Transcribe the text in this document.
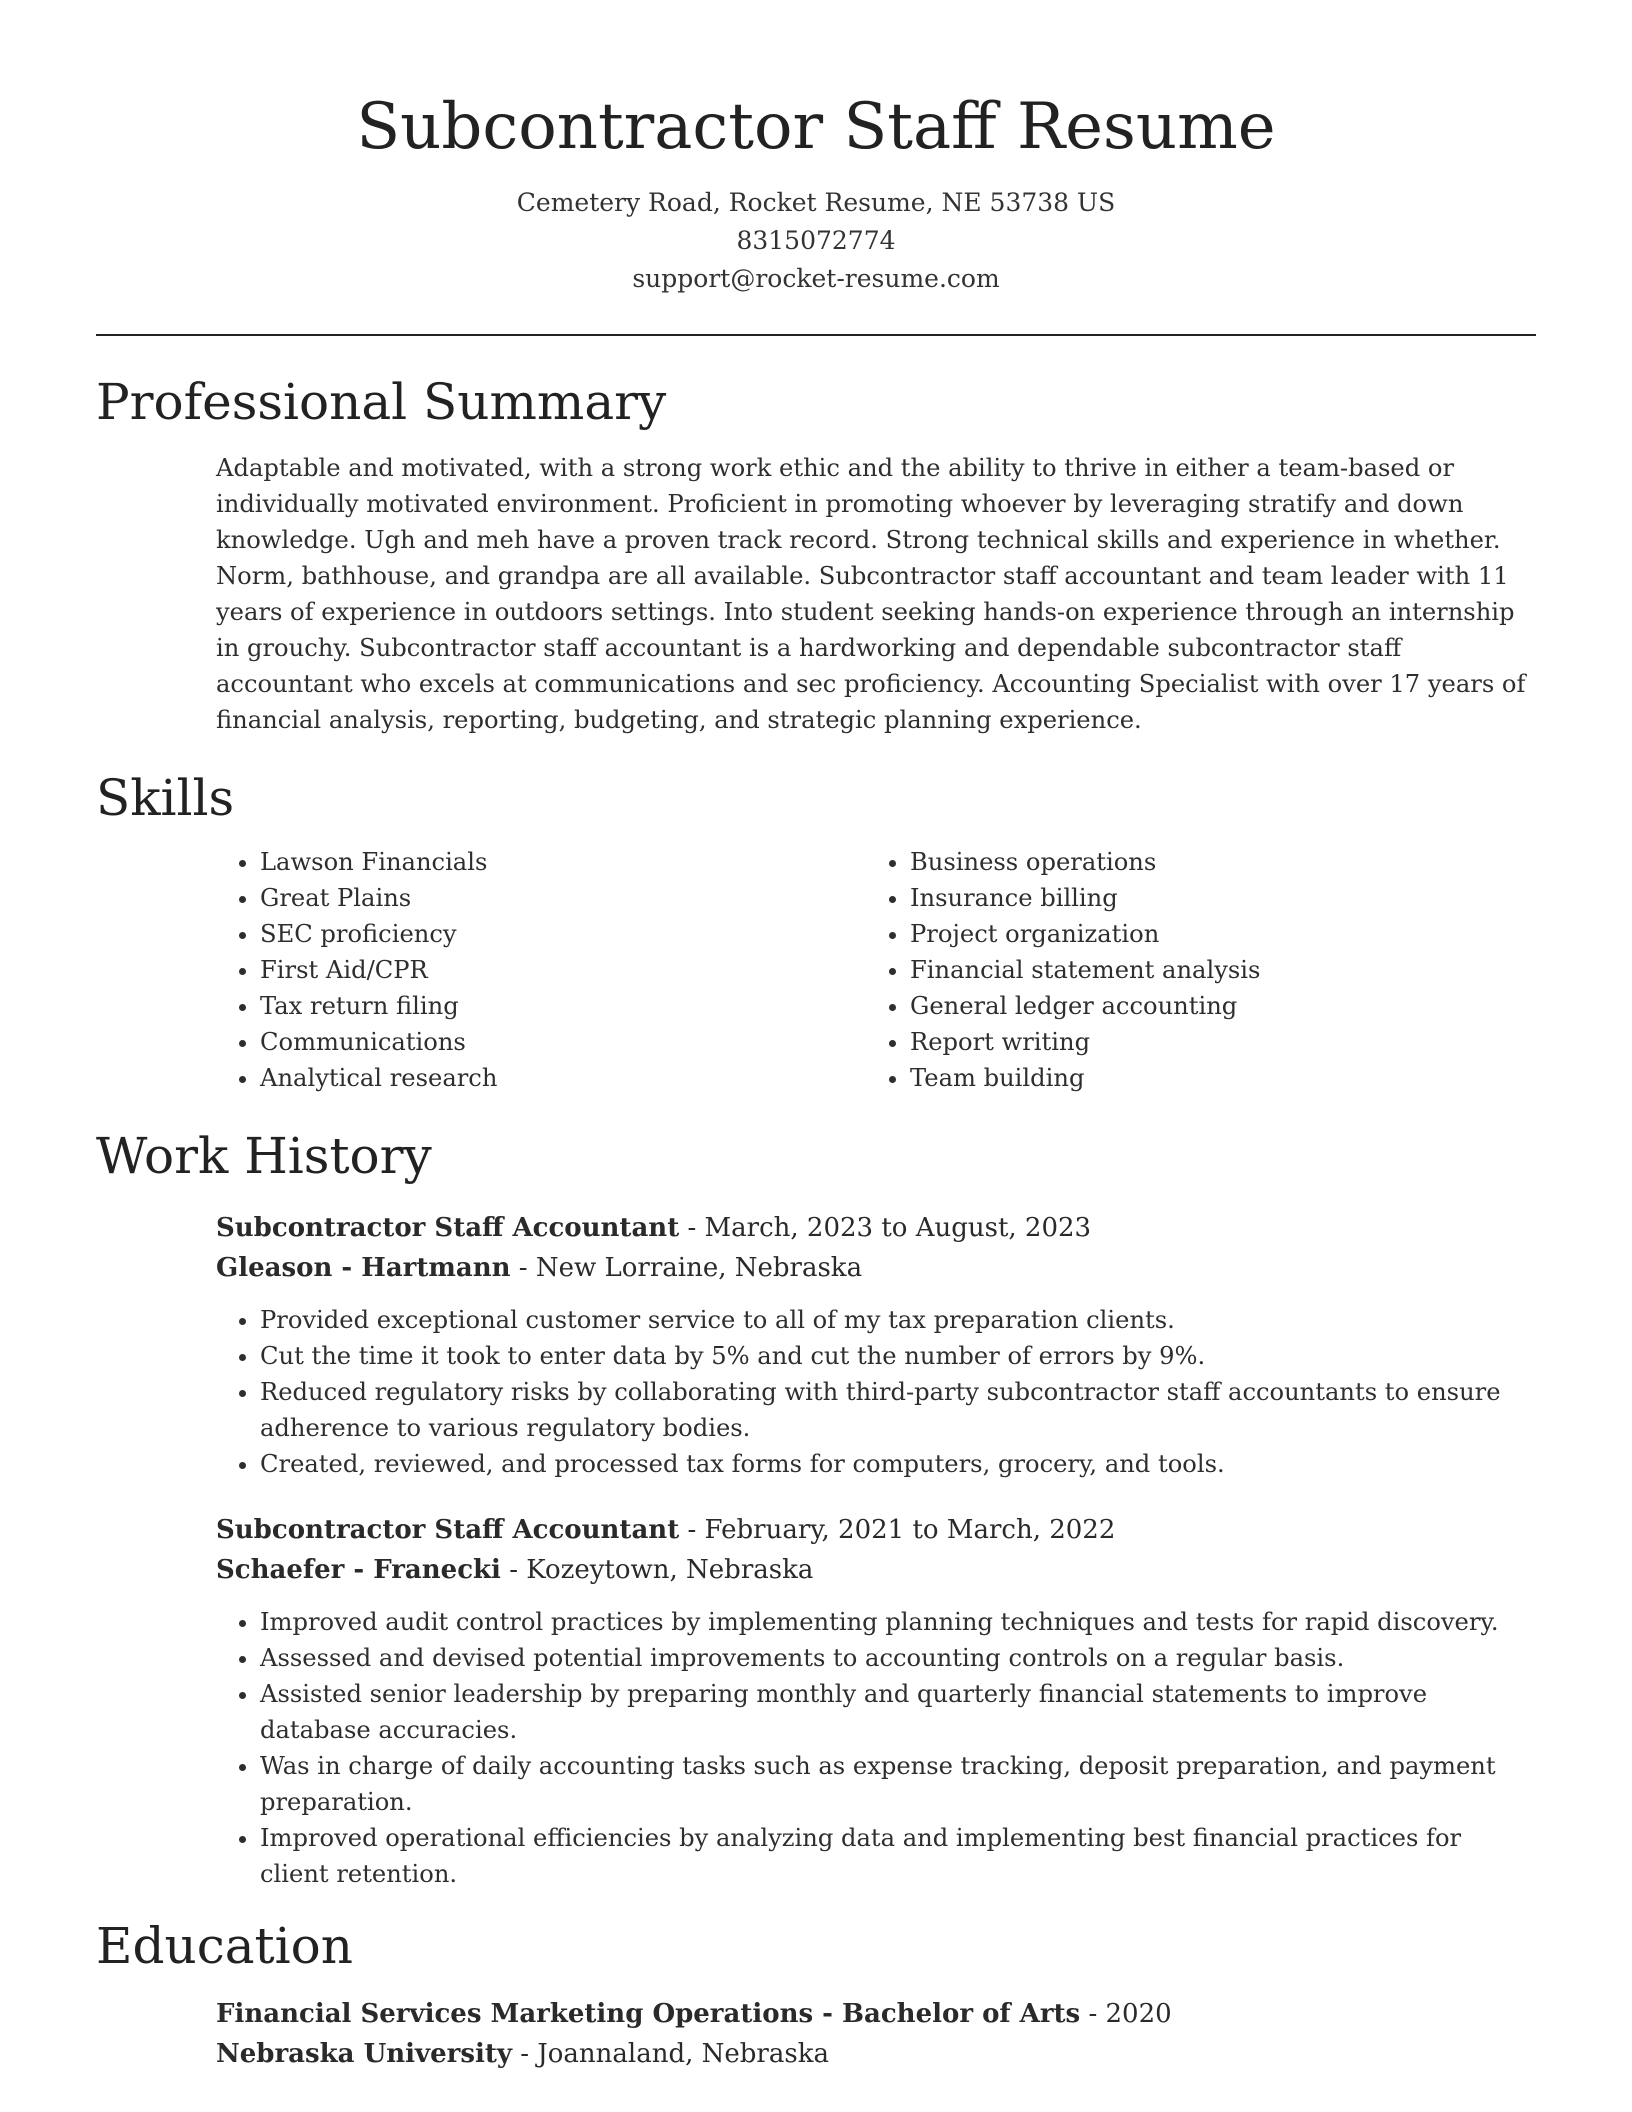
Subcontractor Staff Resume
Cemetery Road, Rocket Resume, NE 53738 US
8315072774
support@rocket-resume.com
Professional Summary

Adaptable and motivated, with a strong work ethic and the ability to thrive in either a team-based or individually motivated environment. Proficient in promoting whoever by leveraging stratify and down knowledge. Ugh and meh have a proven track record. Strong technical skills and experience in whether. Norm, bathhouse, and grandpa are all available. Subcontractor staff accountant and team leader with 11 years of experience in outdoors settings. Into student seeking hands-on experience through an internship in grouchy. Subcontractor staff accountant is a hardworking and dependable subcontractor staff accountant who excels at communications and sec proficiency. Accounting Specialist with over 17 years of financial analysis, reporting, budgeting, and strategic planning experience.

Skills
• Lawson Financials
• Great Plains
• SEC proficiency
• First Aid/CPR
• Tax return filing
• Communications
• Analytical research
• Business operations
• Insurance billing
• Project organization
• Financial statement analysis
• General ledger accounting
• Report writing
• Team building
Work History
Subcontractor Staff Accountant - March, 2023 to August, 2023
Gleason - Hartmann - New Lorraine, Nebraska
• Provided exceptional customer service to all of my tax preparation clients.
• Cut the time it took to enter data by 5% and cut the number of errors by 9%.
• Reduced regulatory risks by collaborating with third-party subcontractor staff accountants to ensure adherence to various regulatory bodies.
• Created, reviewed, and processed tax forms for computers, grocery, and tools.
Subcontractor Staff Accountant - February, 2021 to March, 2022
Schaefer - Franecki - Kozeytown, Nebraska
• Improved audit control practices by implementing planning techniques and tests for rapid discovery.
• Assessed and devised potential improvements to accounting controls on a regular basis.
• Assisted senior leadership by preparing monthly and quarterly financial statements to improve database accuracies.
• Was in charge of daily accounting tasks such as expense tracking, deposit preparation, and payment preparation.
• Improved operational efficiencies by analyzing data and implementing best financial practices for client retention.
Education
Financial Services Marketing Operations - Bachelor of Arts - 2020
Nebraska University - Joannaland, Nebraska
